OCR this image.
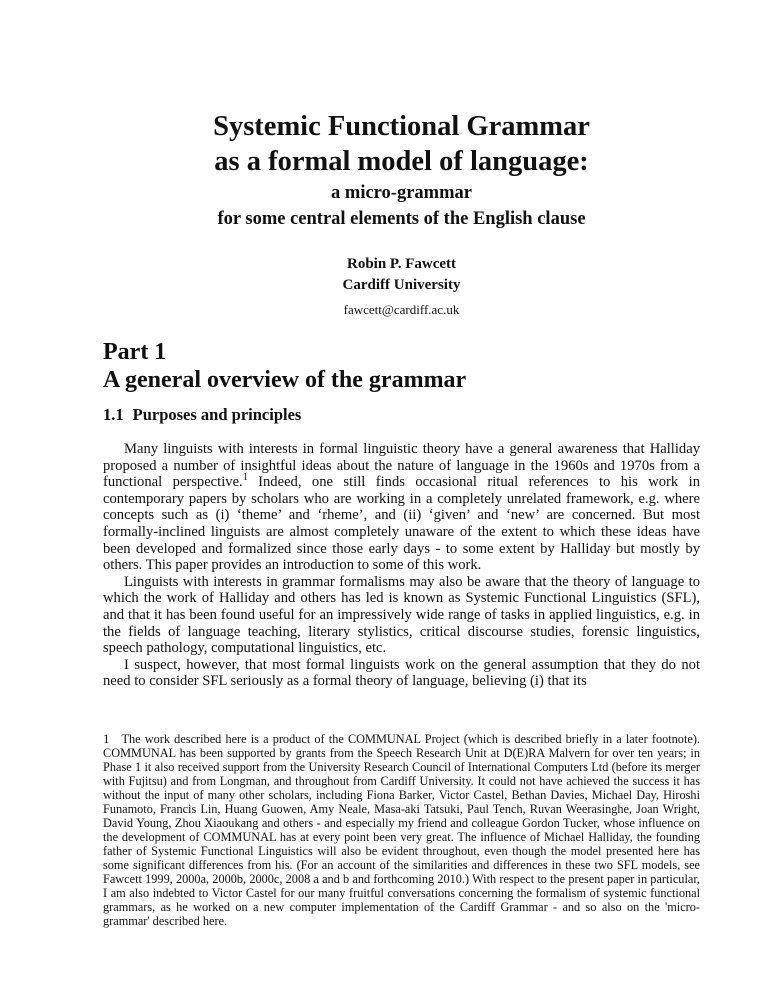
Systemic Functional Grammar
as a formal model of language:
a micro-grammar
for some central elements of the English clause
Robin P. Fawcett
Cardiff University
fawcett@cardiff.ac.uk
Part 1
A general overview of the grammar
1.1 Purposes and principles

Many linguists with interests in formal linguistic theory have a general awareness that Halliday proposed a number of insightful ideas about the nature of language in the 1960s and 1970s from a functional perspective.$^1$ Indeed, one still finds occasional ritual references to his work in contemporary papers by scholars who are working in a completely unrelated framework, e.g. where concepts such as (i) ‘theme’ and ‘rheme’, and (ii) ‘given’ and ‘new’ are concerned. But most formally-inclined linguists are almost completely unaware of the extent to which these ideas have been developed and formalized since those early days - to some extent by Halliday but mostly by others. This paper provides an introduction to some of this work.

Linguists with interests in grammar formalisms may also be aware that the theory of language to which the work of Halliday and others has led is known as Systemic Functional Linguistics (SFL), and that it has been found useful for an impressively wide range of tasks in applied linguistics, e.g. in the fields of language teaching, literary stylistics, critical discourse studies, forensic linguistics, speech pathology, computational linguistics, etc.

I suspect, however, that most formal linguists work on the general assumption that they do not need to consider SFL seriously as a formal theory of language, believing (i) that its

1 The work described here is a product of the COMMUNAL Project (which is described briefly in a later footnote). COMMUNAL has been supported by grants from the Speech Research Unit at D(E)RA Malvern for over ten years; in Phase 1 it also received support from the University Research Council of International Computers Ltd (before its merger with Fujitsu) and from Longman, and throughout from Cardiff University. It could not have achieved the success it has without the input of many other scholars, including Fiona Barker, Victor Castel, Bethan Davies, Michael Day, Hiroshi Funamoto, Francis Lin, Huang Guowen, Amy Neale, Masa-aki Tatsuki, Paul Tench, Ruvan Weerasinghe, Joan Wright, David Young, Zhou Xiaoukang and others - and especially my friend and colleague Gordon Tucker, whose influence on the development of COMMUNAL has at every point been very great. The influence of Michael Halliday, the founding father of Systemic Functional Linguistics will also be evident throughout, even though the model presented here has some significant differences from his. (For an account of the similarities and differences in these two SFL models, see Fawcett 1999, 2000a, 2000b, 2000c, 2008 a and b and forthcoming 2010.) With respect to the present paper in particular, I am also indebted to Victor Castel for our many fruitful conversations concerning the formalism of systemic functional grammars, as he worked on a new computer implementation of the Cardiff Grammar - and so also on the 'micro-grammar' described here.
